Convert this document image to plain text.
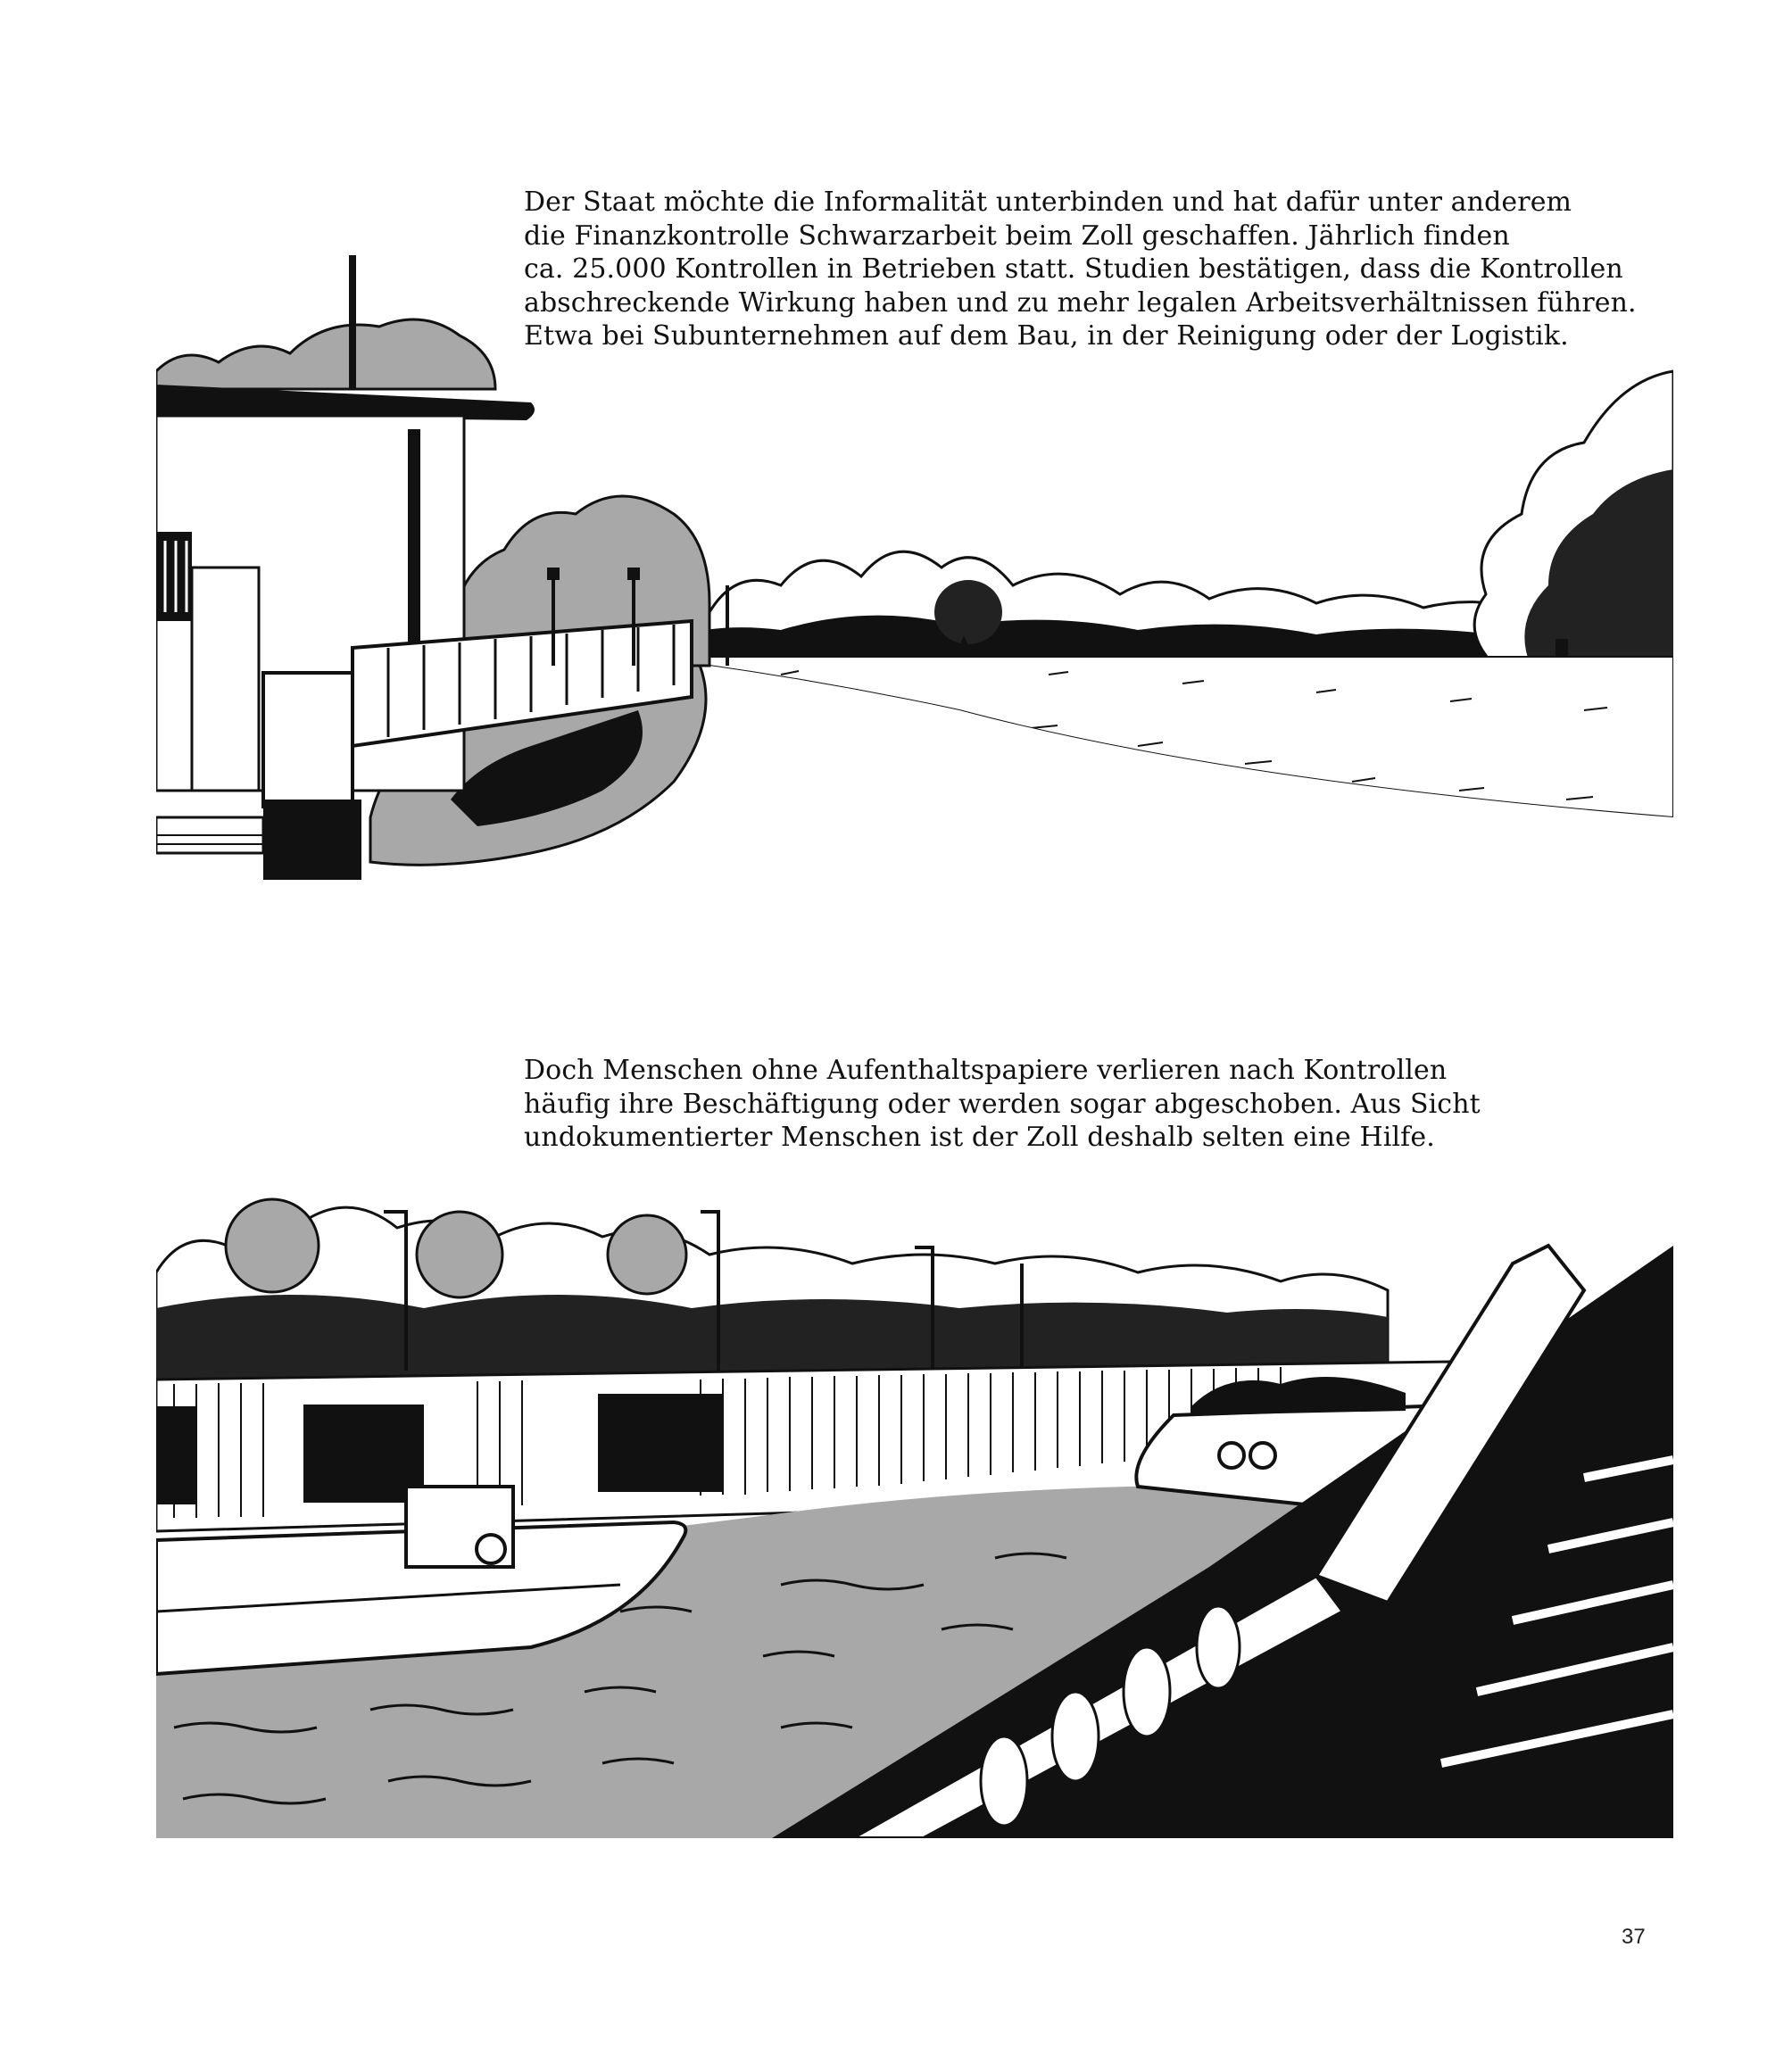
Der Staat möchte die Informalität unterbinden und hat dafür unter anderem
die Finanzkontrolle Schwarzarbeit beim Zoll geschaffen. Jährlich finden
ca. 25.000 Kontrollen in Betrieben statt. Studien bestätigen, dass die Kontrollen
abschreckende Wirkung haben und zu mehr legalen Arbeitsverhältnissen führen.
Etwa bei Subunternehmen auf dem Bau, in der Reinigung oder der Logistik.
Doch Menschen ohne Aufenthaltspapiere verlieren nach Kontrollen
häufig ihre Beschäftigung oder werden sogar abgeschoben. Aus Sicht
undokumentierter Menschen ist der Zoll deshalb selten eine Hilfe.
37
